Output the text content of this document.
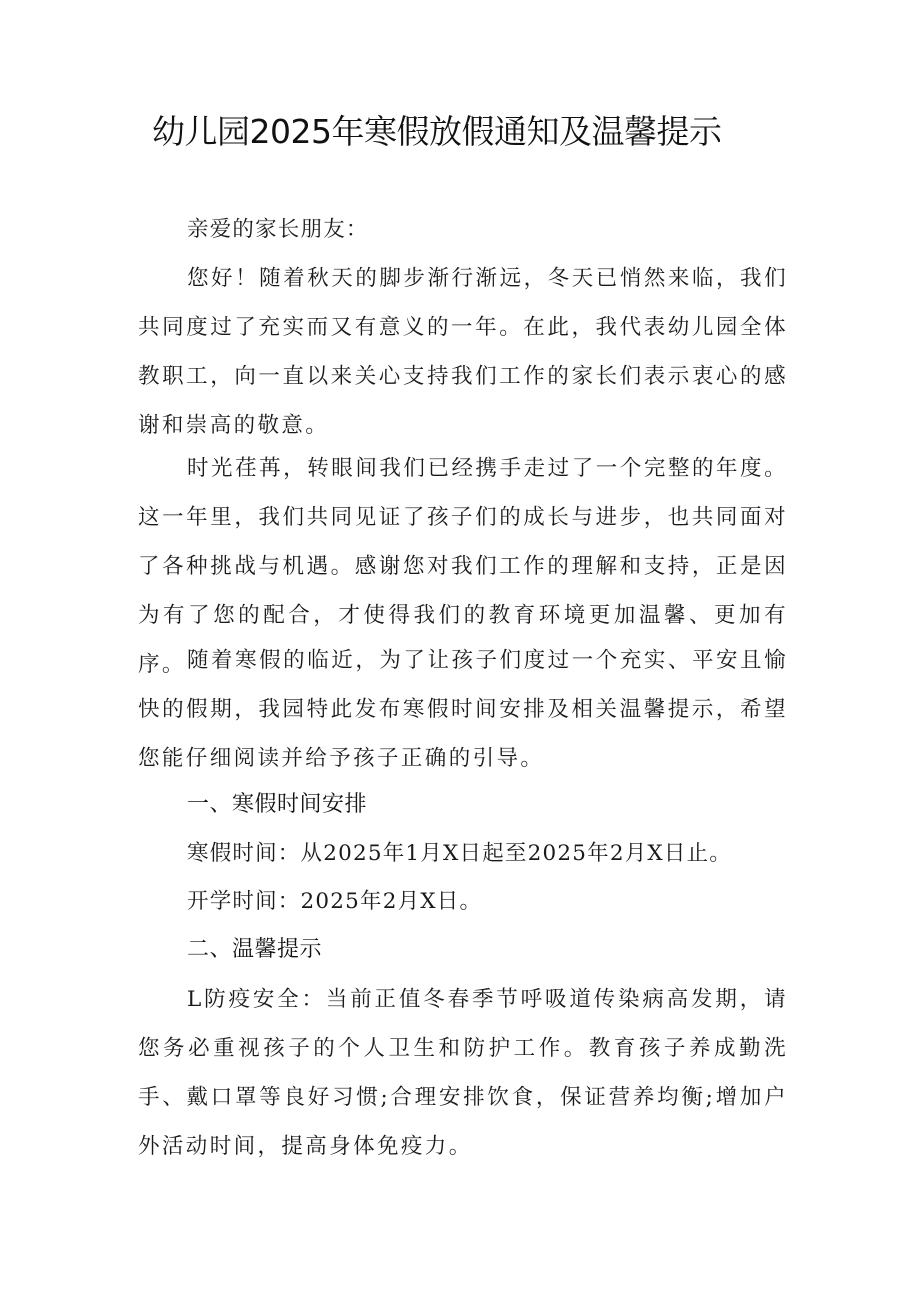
幼儿园2025年寒假放假通知及温馨提示
亲爱的家长朋友：
您好！随着秋天的脚步渐行渐远，冬天已悄然来临，我们共同度过了充实而又有意义的一年。在此，我代表幼儿园全体教职工，向一直以来关心支持我们工作的家长们表示衷心的感谢和崇高的敬意。
时光荏苒，转眼间我们已经携手走过了一个完整的年度。这一年里，我们共同见证了孩子们的成长与进步，也共同面对了各种挑战与机遇。感谢您对我们工作的理解和支持，正是因为有了您的配合，才使得我们的教育环境更加温馨、更加有序。 随着寒假的临近，为了让孩子们度过一个充实、平安且愉快的假期，我园特此发布寒假时间安排及相关温馨提示，希望您能仔细阅读并给予孩子正确的引导。
一、寒假时间安排
寒假时间：从2025年1月X日起至2025年2月X日止。
开学时间：2025年2月X日。
二、温馨提示
L防疫安全：当前正值冬春季节呼吸道传染病高发期，请您务必重视孩子的个人卫生和防护工作。教育孩子养成勤洗手、戴口罩等良好习惯;合理安排饮食，保证营养均衡;增加户外活动时间，提高身体免疫力。
